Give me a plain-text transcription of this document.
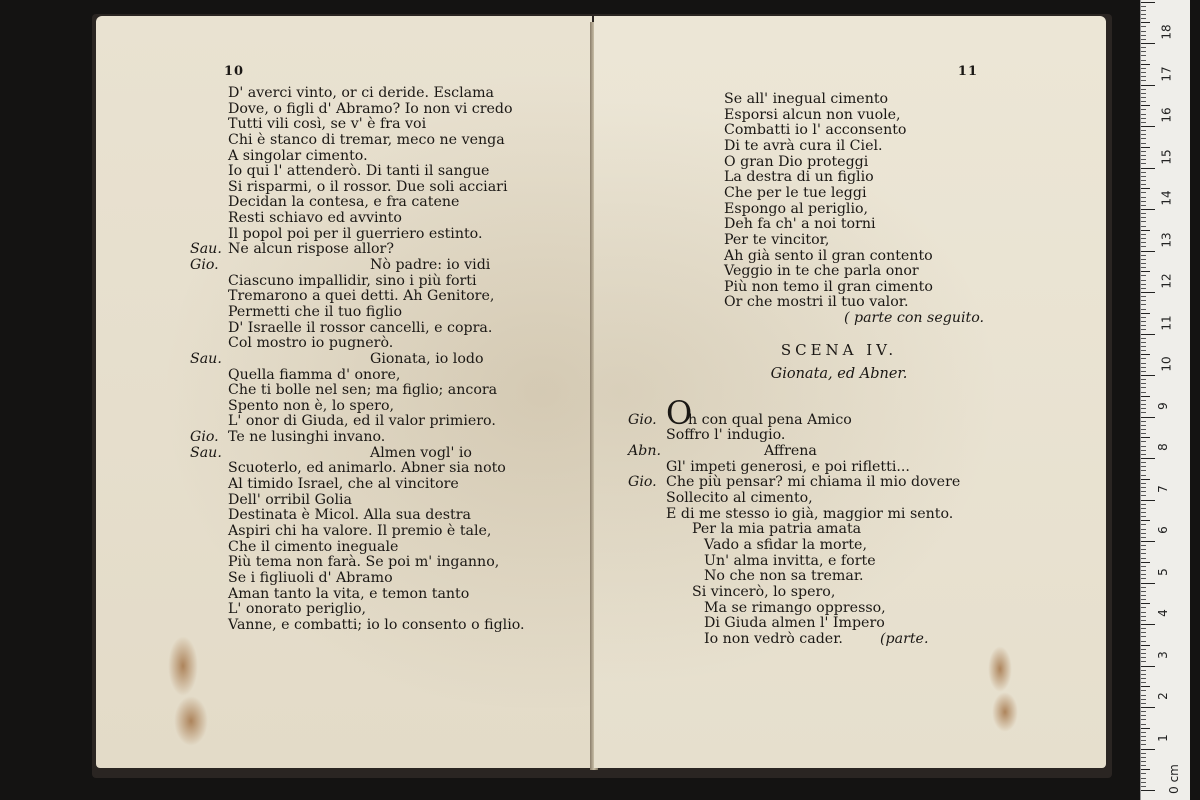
10
D' averci vinto, or ci deride. Esclama
Dove, o figli d' Abramo? Io non vi credo
Tutti vili così, se v' è fra voi
Chi è stanco di tremar, meco ne venga
A singolar cimento.
Io qui l' attenderò. Di tanti il sangue
Si risparmi, o il rossor. Due soli acciari
Decidan la contesa, e fra catene
Resti schiavo ed avvinto
Il popol poi per il guerriero estinto.
Sau. Ne alcun rispose allor?
Gio.	Nò padre: io vidi
Ciascuno impallidir, sino i più forti
Tremarono a quei detti. Ah Genitore,
Permetti che il tuo figlio
D' Israelle il rossor cancelli, e copra.
Col mostro io pugnerò.
Sau.	Gionata, io lodo
Quella fiamma d' onore,
Che ti bolle nel sen; ma figlio; ancora
Spento non è, lo spero,
L' onor di Giuda, ed il valor primiero.
Gio. Te ne lusinghi invano.
Sau.	Almen vogl' io
Scuoterlo, ed animarlo. Abner sia noto
Al timido Israel, che al vincitore
Dell' orribil Golia
Destinata è Micol. Alla sua destra
Aspiri chi ha valore. Il premio è tale,
Che il cimento ineguale
Più tema non farà. Se poi m' inganno,
Se i figliuoli d' Abramo
Aman tanto la vita, e temon tanto
L' onorato periglio,
Vanne, e combatti; io lo consento o figlio.
11
Se all' inegual cimento
Esporsi alcun non vuole,
Combatti io l' acconsento
Di te avrà cura il Ciel.
O gran Dio proteggi
La destra di un figlio
Che per le tue leggi
Espongo al periglio,
Deh fa ch' a noi torni
Per te vincitor,
Ah già sento il gran contento
Veggio in te che parla onor
Più non temo il gran cimento
Or che mostri il tuo valor.
( parte con seguito.
SCENA IV.
Gionata, ed Abner.
Gio. O
h con qual pena Amico
Soffro l' indugio.
Abn.	Affrena
Gl' impeti generosi, e poi rifletti...
Gio. Che più pensar? mi chiama il mio dovere
Sollecito al cimento,
E di me stesso io già, maggior mi sento.
Per la mia patria amata
Vado a sfidar la morte,
Un' alma invitta, e forte
No che non sa tremar.
Si vincerò, lo spero,
Ma se rimango oppresso,
Di Giuda almen l' Impero
Io non vedrò cader.	(parte.
0 cm
1
2
3
4
5
6
7
8
9
10
11
12
13
14
15
16
17
18
